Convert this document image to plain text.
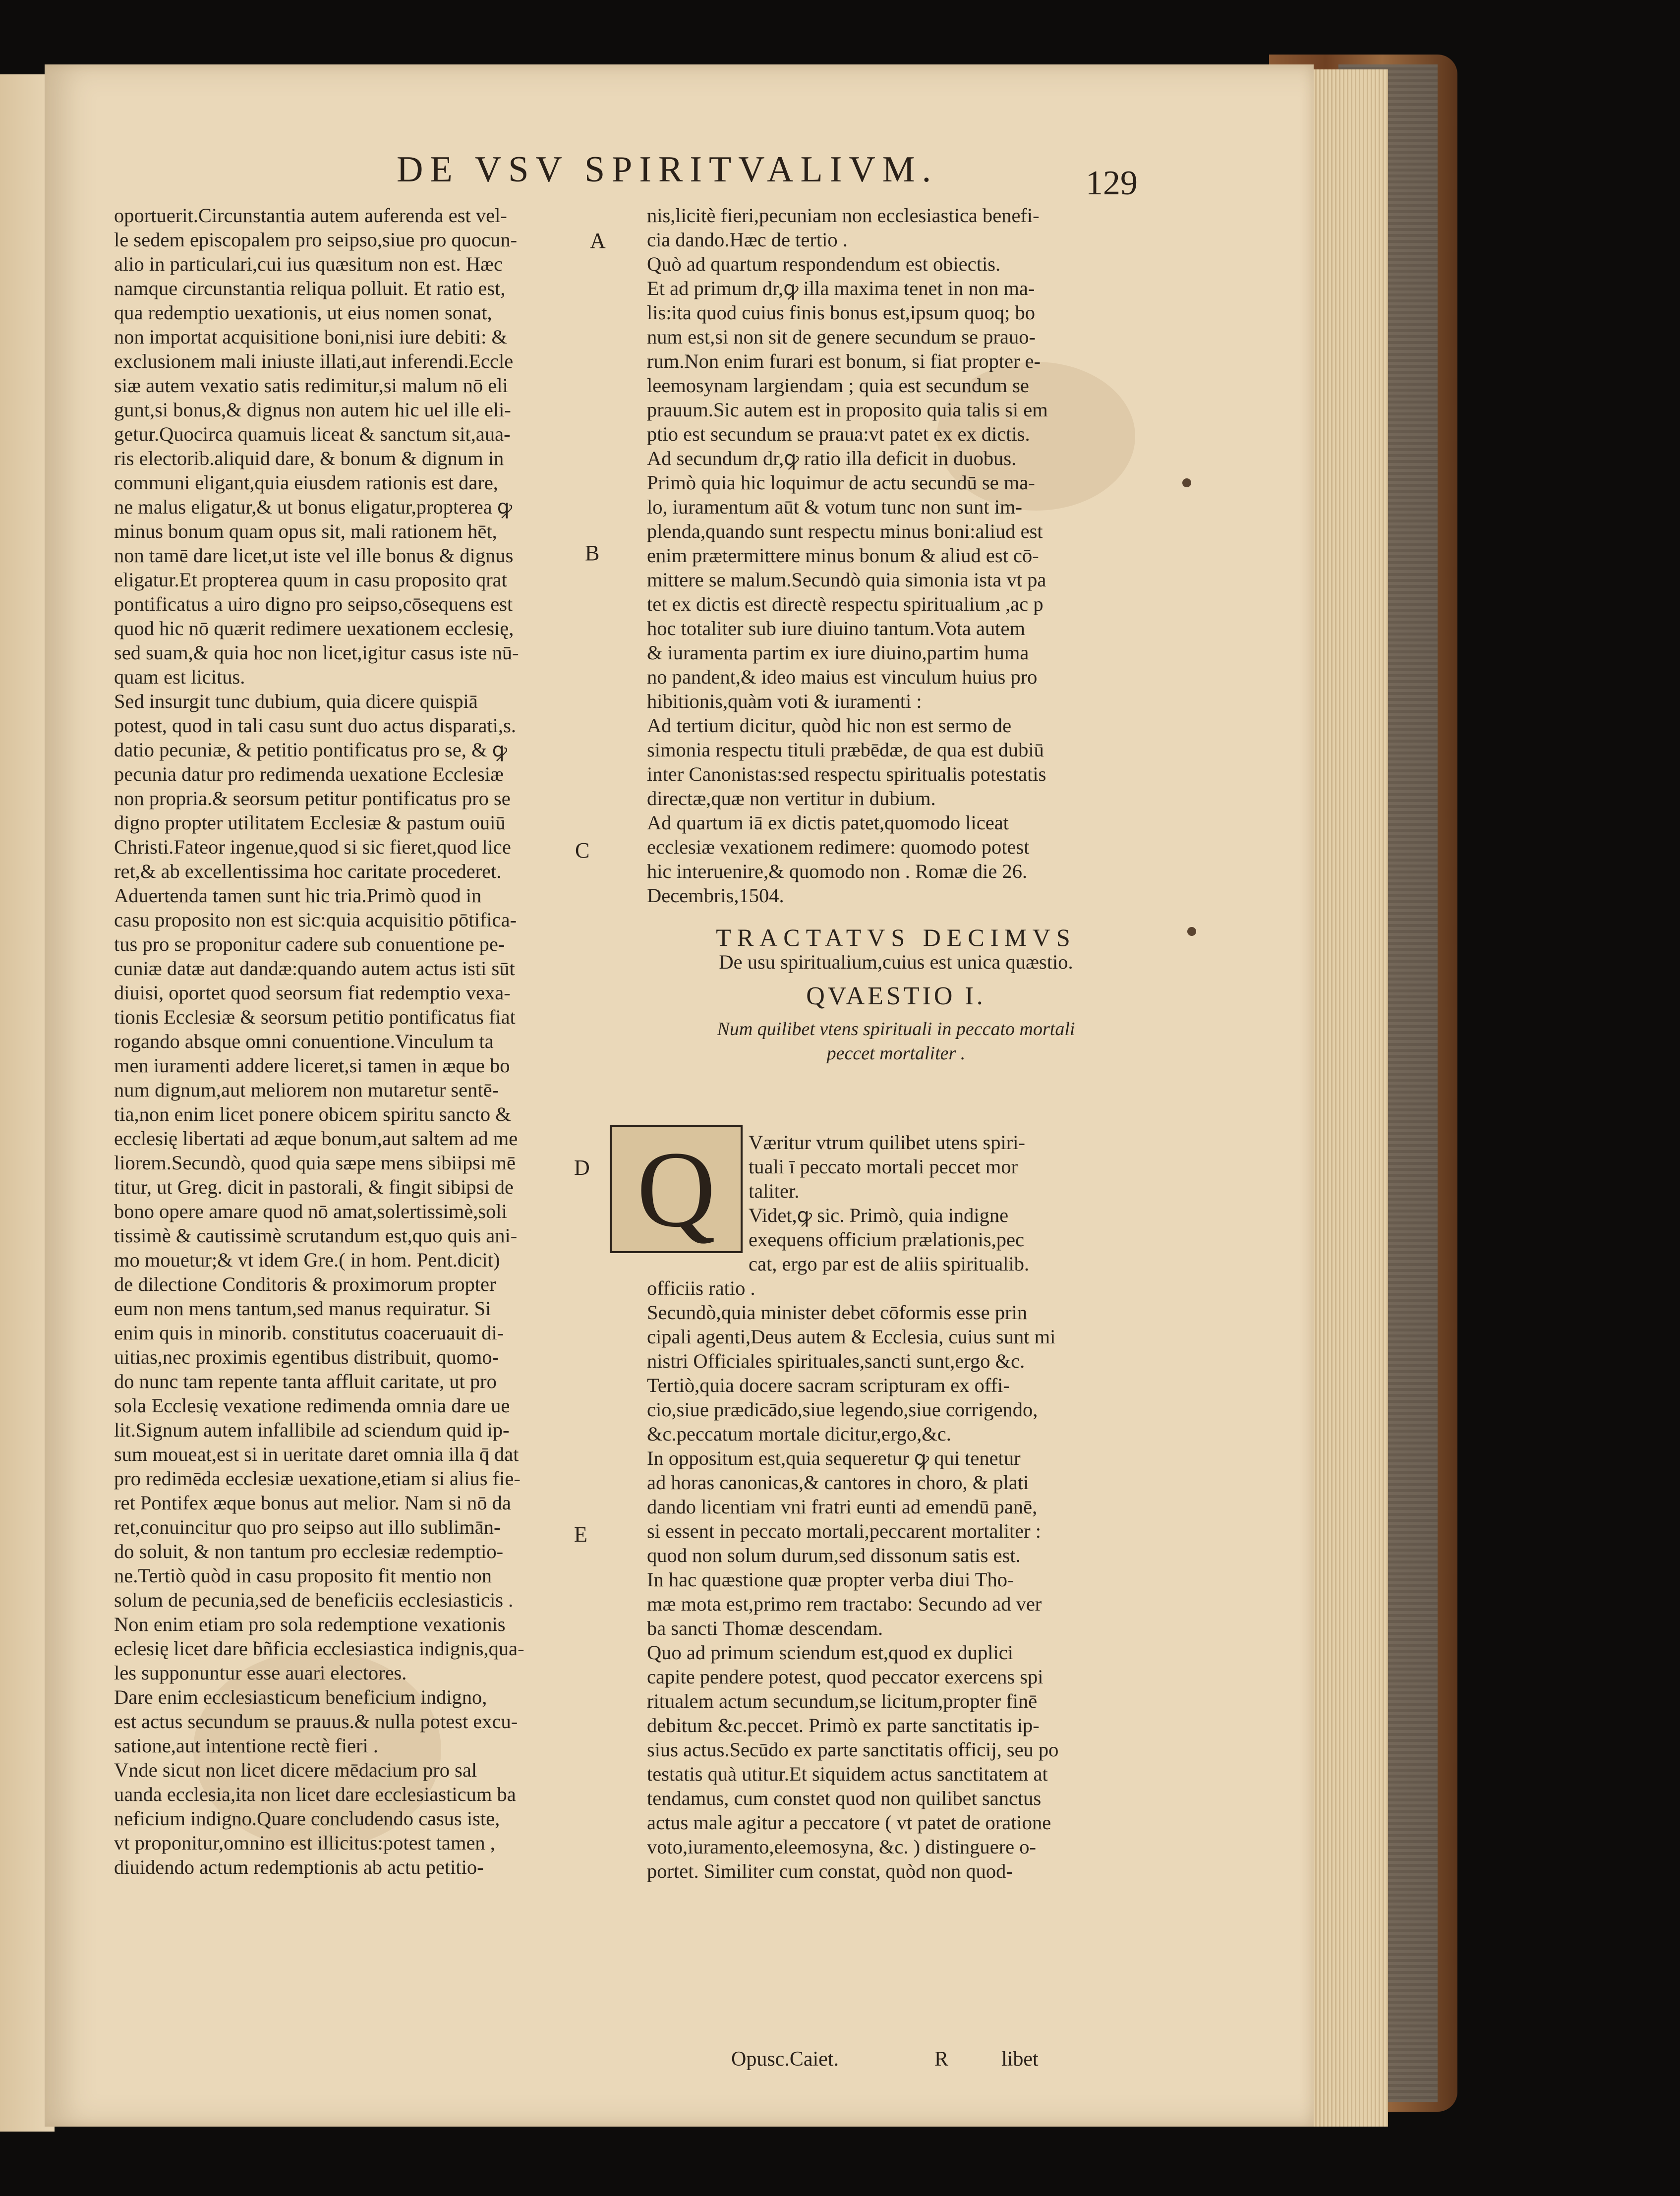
DE VSV SPIRITVALIVM.	129
oportuerit.Circunstantia autem auferenda est vel-
le sedem episcopalem pro seipso,siue pro quocun-
alio in particulari,cui ius quæsitum non est. Hæc
namque circunstantia reliqua polluit. Et ratio est,
qua redemptio uexationis, ut eius nomen sonat,
non importat acquisitione boni,nisi iure debiti: &
exclusionem mali iniuste illati,aut inferendi.Eccle
siæ autem vexatio satis redimitur,si malum nō eli
gunt,si bonus,& dignus non autem hic uel ille eli-
getur.Quocirca quamuis liceat & sanctum sit,aua-
ris electorib.aliquid dare, & bonum & dignum in
communi eligant,quia eiusdem rationis est dare,
ne malus eligatur,& ut bonus eligatur,propterea ꝙ
minus bonum quam opus sit, mali rationem hēt,
non tamē dare licet,ut iste vel ille bonus & dignus
eligatur.Et propterea quum in casu proposito qrat
pontificatus a uiro digno pro seipso,cōsequens est
quod hic nō quærit redimere uexationem ecclesię,
sed suam,& quia hoc non licet,igitur casus iste nū-
quam est licitus.
Sed insurgit tunc dubium, quia dicere quispiā
potest, quod in tali casu sunt duo actus disparati,s.
datio pecuniæ, & petitio pontificatus pro se, & ꝙ
pecunia datur pro redimenda uexatione Ecclesiæ
non propria.& seorsum petitur pontificatus pro se
digno propter utilitatem Ecclesiæ & pastum ouiū
Christi.Fateor ingenue,quod si sic fieret,quod lice
ret,& ab excellentissima hoc caritate procederet.
Aduertenda tamen sunt hic tria.Primò quod in
casu proposito non est sic:quia acquisitio pōtifica-
tus pro se proponitur cadere sub conuentione pe-
cuniæ datæ aut dandæ:quando autem actus isti sūt
diuisi, oportet quod seorsum fiat redemptio vexa-
tionis Ecclesiæ & seorsum petitio pontificatus fiat
rogando absque omni conuentione.Vinculum ta
men iuramenti addere liceret,si tamen in æque bo
num dignum,aut meliorem non mutaretur sentē-
tia,non enim licet ponere obicem spiritu sancto &
ecclesię libertati ad æque bonum,aut saltem ad me
liorem.Secundò, quod quia sæpe mens sibiipsi mē
titur, ut Greg. dicit in pastorali, & fingit sibipsi de
bono opere amare quod nō amat,solertissimè,soli
tissimè & cautissimè scrutandum est,quo quis ani-
mo mouetur;& vt idem Gre.( in hom. Pent.dicit)
de dilectione Conditoris & proximorum propter
eum non mens tantum,sed manus requiratur. Si
enim quis in minorib. constitutus coaceruauit di-
uitias,nec proximis egentibus distribuit, quomo-
do nunc tam repente tanta affluit caritate, ut pro
sola Ecclesię vexatione redimenda omnia dare ue
lit.Signum autem infallibile ad sciendum quid ip-
sum moueat,est si in ueritate daret omnia illa q̄ dat
pro redimēda ecclesiæ uexatione,etiam si alius fie-
ret Pontifex æque bonus aut melior. Nam si nō da
ret,conuincitur quo pro seipso aut illo sublimān-
do soluit, & non tantum pro ecclesiæ redemptio-
ne.Tertiò quòd in casu proposito fit mentio non
solum de pecunia,sed de beneficiis ecclesiasticis .
Non enim etiam pro sola redemptione vexationis
eclesię licet dare bñficia ecclesiastica indignis,qua-
les supponuntur esse auari electores.
Dare enim ecclesiasticum beneficium indigno,
est actus secundum se prauus.& nulla potest excu-
satione,aut intentione rectè fieri .
Vnde sicut non licet dicere mēdacium pro sal
uanda ecclesia,ita non licet dare ecclesiasticum ba
neficium indigno.Quare concludendo casus iste,
vt proponitur,omnino est illicitus:potest tamen ,
diuidendo actum redemptionis ab actu petitio-
A
B
C
D
E
nis,licitè fieri,pecuniam non ecclesiastica benefi-
cia dando.Hæc de tertio .
Quò ad quartum respondendum est obiectis.
Et ad primum dr,ꝙ illa maxima tenet in non ma-
lis:ita quod cuius finis bonus est,ipsum quoq; bo
num est,si non sit de genere secundum se prauo-
rum.Non enim furari est bonum, si fiat propter e-
leemosynam largiendam ; quia est secundum se
prauum.Sic autem est in proposito quia talis si em
ptio est secundum se praua:vt patet ex ex dictis.
Ad secundum dr,ꝙ ratio illa deficit in duobus.
Primò quia hic loquimur de actu secundū se ma-
lo, iuramentum aūt & votum tunc non sunt im-
plenda,quando sunt respectu minus boni:aliud est
enim prætermittere minus bonum & aliud est cō-
mittere se malum.Secundò quia simonia ista vt pa
tet ex dictis est directè respectu spiritualium ,ac p
hoc totaliter sub iure diuino tantum.Vota autem
& iuramenta partim ex iure diuino,partim huma
no pandent,& ideo maius est vinculum huius pro
hibitionis,quàm voti & iuramenti :
Ad tertium dicitur, quòd hic non est sermo de
simonia respectu tituli præbēdæ, de qua est dubiū
inter Canonistas:sed respectu spiritualis potestatis
directæ,quæ non vertitur in dubium.
Ad quartum iā ex dictis patet,quomodo liceat
ecclesiæ vexationem redimere: quomodo potest
hic interuenire,& quomodo non . Romæ die 26.
Decembris,1504.
TRACTATVS DECIMVS
De usu spiritualium,cuius est unica quæstio.
QVAESTIO I.
Num quilibet vtens spirituali in peccato mortali
peccet mortaliter .
Q	Væritur vtrum quilibet utens spiri-
tuali ī peccato mortali peccet mor
taliter.
Videt,ꝙ sic. Primò, quia indigne
exequens officium prælationis,pec
cat, ergo par est de aliis spiritualib.
officiis ratio .
Secundò,quia minister debet cōformis esse prin
cipali agenti,Deus autem & Ecclesia, cuius sunt mi
nistri Officiales spirituales,sancti sunt,ergo &c.
Tertiò,quia docere sacram scripturam ex offi-
cio,siue prædicādo,siue legendo,siue corrigendo,
&c.peccatum mortale dicitur,ergo,&c.
In oppositum est,quia sequeretur ꝙ qui tenetur
ad horas canonicas,& cantores in choro, & plati
dando licentiam vni fratri eunti ad emendū panē,
si essent in peccato mortali,peccarent mortaliter :
quod non solum durum,sed dissonum satis est.
In hac quæstione quæ propter verba diui Tho-
mæ mota est,primo rem tractabo: Secundo ad ver
ba sancti Thomæ descendam.
Quo ad primum sciendum est,quod ex duplici
capite pendere potest, quod peccator exercens spi
ritualem actum secundum,se licitum,propter finē
debitum &c.peccet. Primò ex parte sanctitatis ip-
sius actus.Secūdo ex parte sanctitatis officij, seu po
testatis quà utitur.Et siquidem actus sanctitatem at
tendamus, cum constet quod non quilibet sanctus
actus male agitur a peccatore ( vt patet de oratione
voto,iuramento,eleemosyna, &c. ) distinguere o-
portet. Similiter cum constat, quòd non quod-
Opusc.Caiet.	R	libet
